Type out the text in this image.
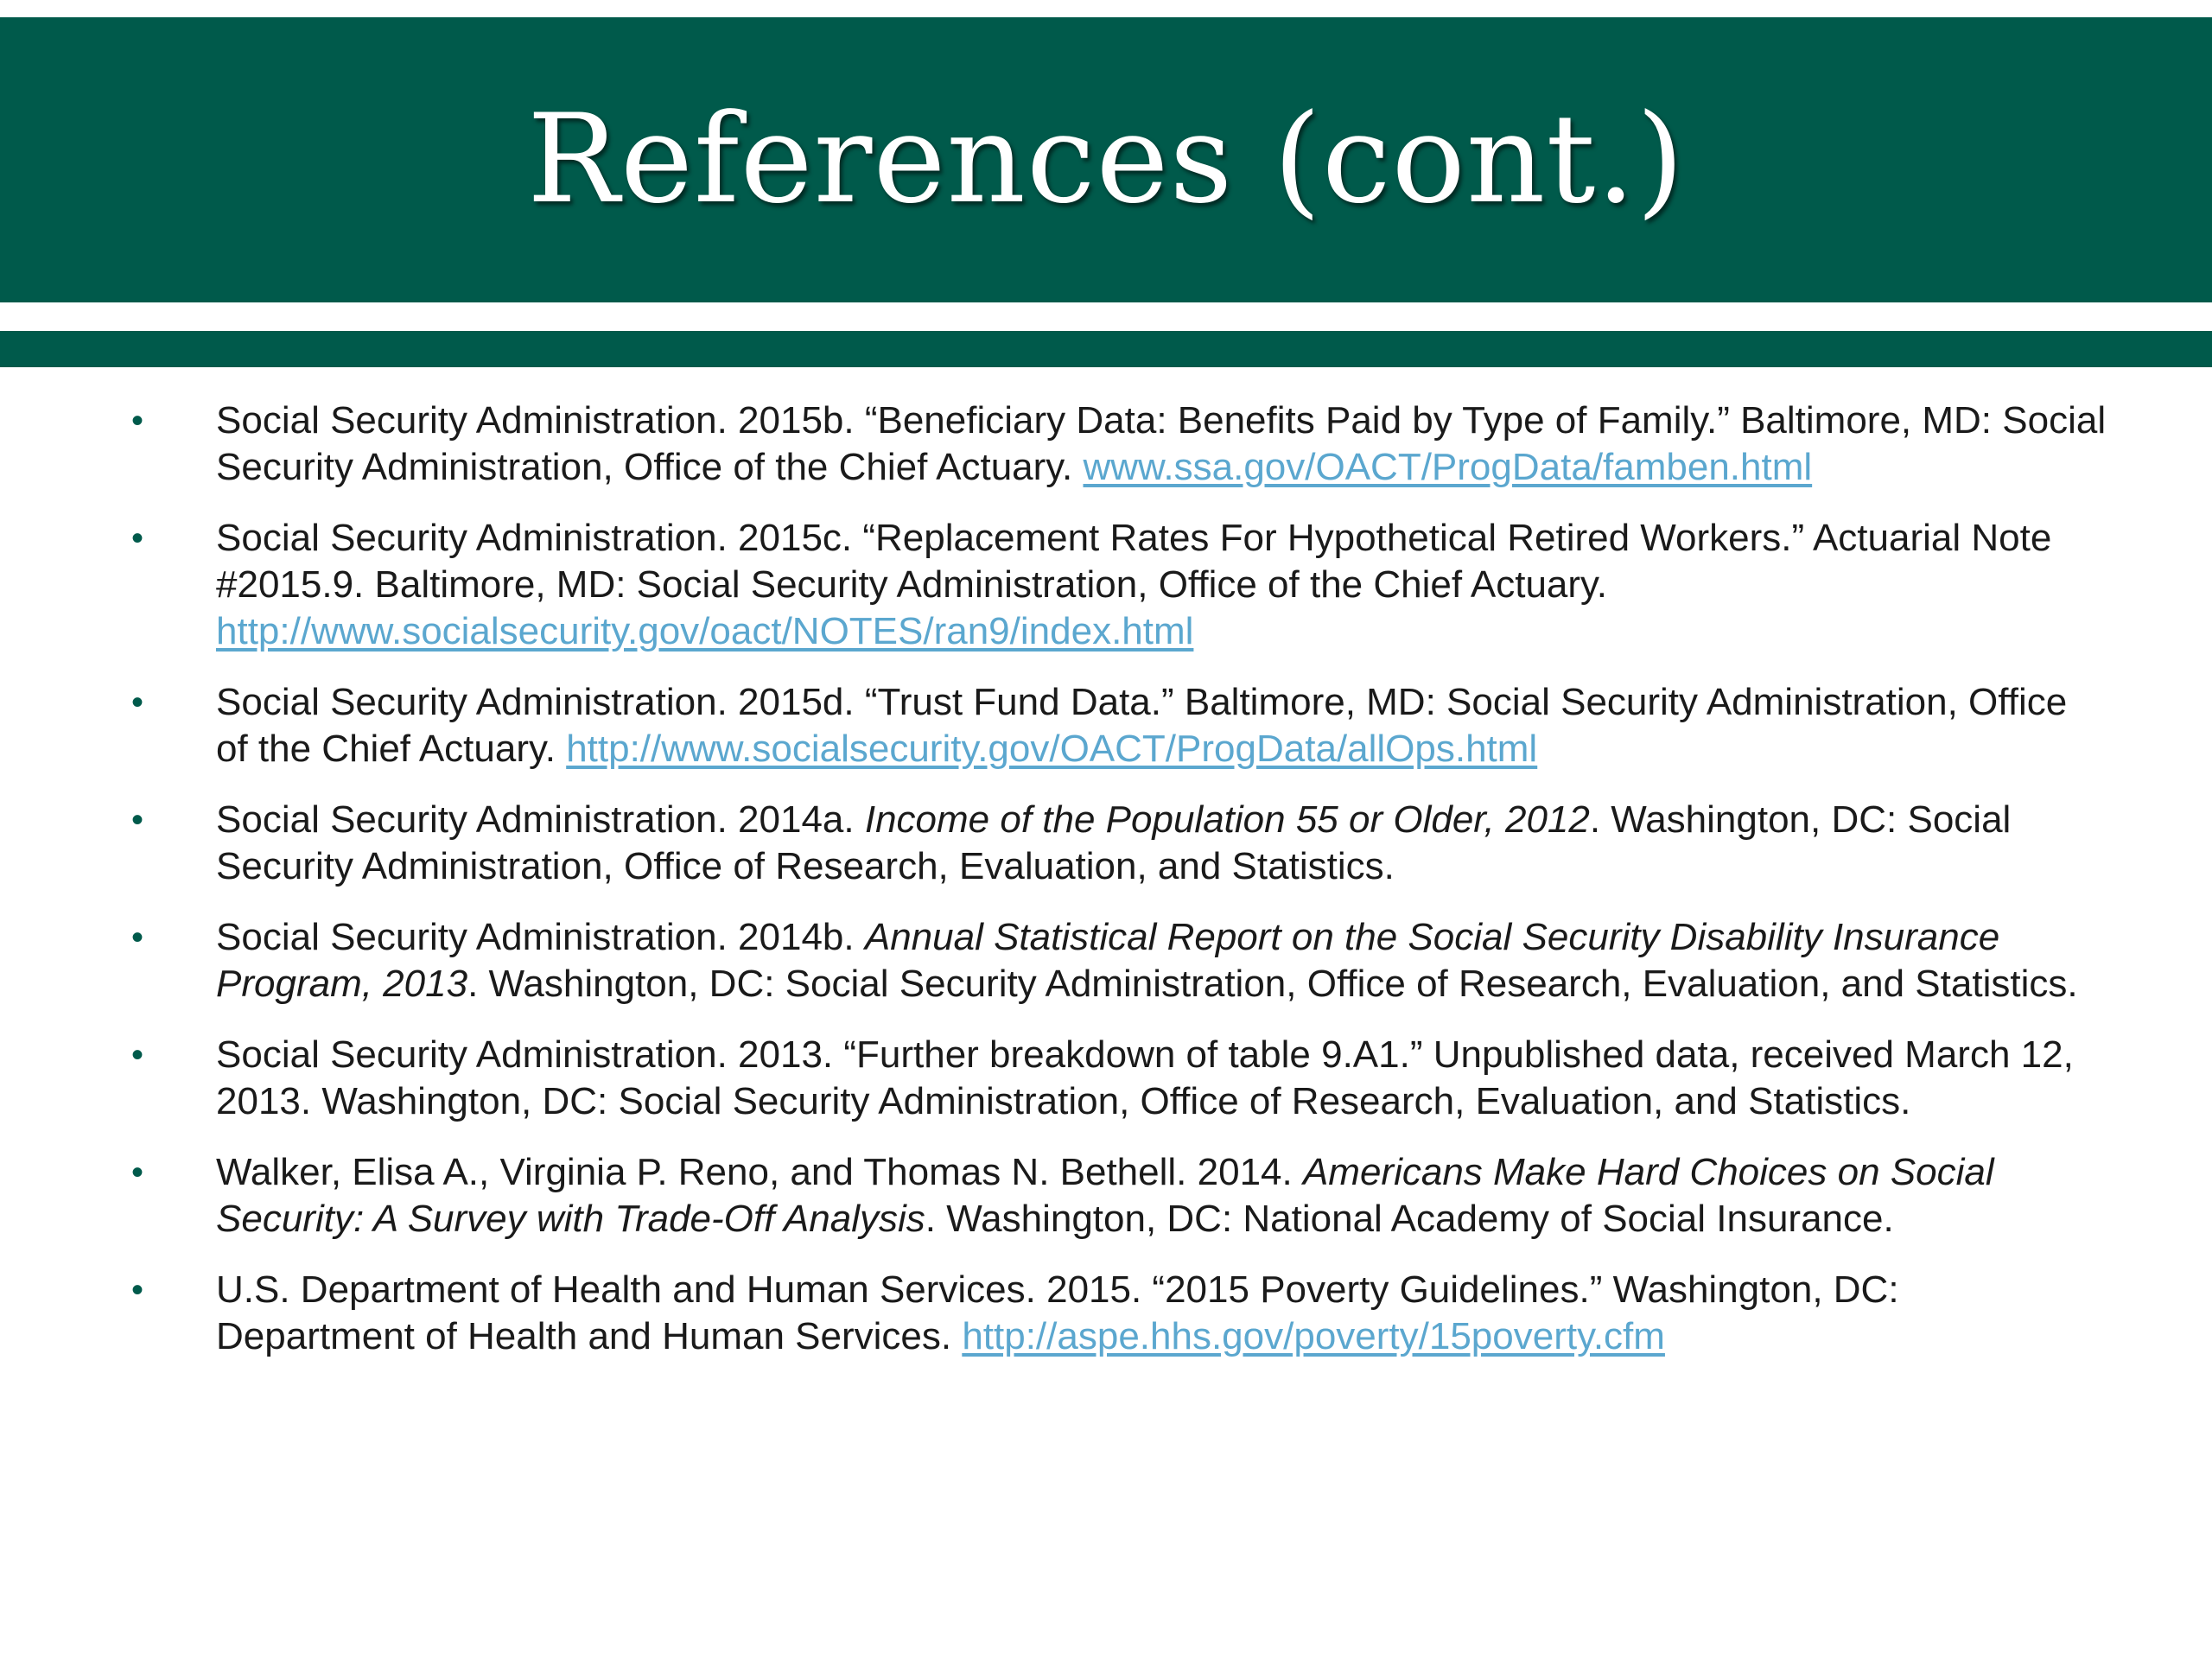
References (cont.)
•	Social Security Administration. 2015b. “Beneficiary Data: Benefits Paid by Type of Family.” Baltimore, MD: Social Security Administration, Office of the Chief Actuary. www.ssa.gov/OACT/ProgData/famben.html
•	Social Security Administration. 2015c. “Replacement Rates For Hypothetical Retired Workers.” Actuarial Note #2015.9. Baltimore, MD: Social Security Administration, Office of the Chief Actuary. http://www.socialsecurity.gov/oact/NOTES/ran9/index.html
•	Social Security Administration. 2015d. “Trust Fund Data.” Baltimore, MD: Social Security Administration, Office of the Chief Actuary. http://www.socialsecurity.gov/OACT/ProgData/allOps.html
•	Social Security Administration. 2014a. Income of the Population 55 or Older, 2012. Washington, DC: Social Security Administration, Office of Research, Evaluation, and Statistics.
•	Social Security Administration. 2014b. Annual Statistical Report on the Social Security Disability Insurance Program, 2013. Washington, DC: Social Security Administration, Office of Research, Evaluation, and Statistics.
•	Social Security Administration. 2013. “Further breakdown of table 9.A1.” Unpublished data, received March 12, 2013. Washington, DC: Social Security Administration, Office of Research, Evaluation, and Statistics.
•	Walker, Elisa A., Virginia P. Reno, and Thomas N. Bethell. 2014. Americans Make Hard Choices on Social Security: A Survey with Trade-Off Analysis. Washington, DC: National Academy of Social Insurance.
•	U.S. Department of Health and Human Services. 2015. “2015 Poverty Guidelines.” Washington, DC: Department of Health and Human Services. http://aspe.hhs.gov/poverty/15poverty.cfm
